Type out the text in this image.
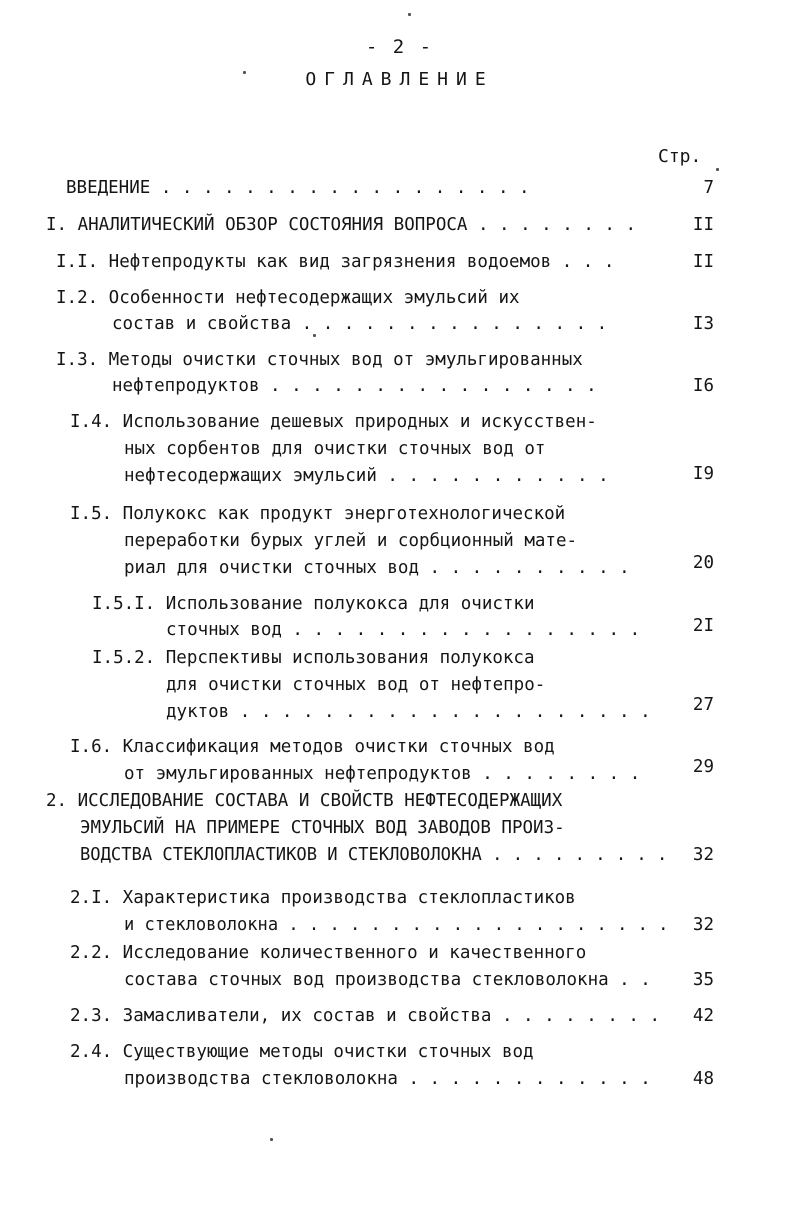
- 2 -
ОГЛАВЛЕНИЕ
Стр.
ВВЕДЕНИЕ . . . . . . . . . . . . . . . . . .	7
I. АНАЛИТИЧЕСКИЙ ОБЗОР СОСТОЯНИЯ ВОПРОСА . . . . . . . .	II
I.I. Нефтепродукты как вид загрязнения водоемов . . .	II
I.2. Особенности нефтесодержащих эмульсий их
состав и свойства . . . . . . . . . . . . . . .	I3
I.3. Методы очистки сточных вод от эмульгированных
нефтепродуктов . . . . . . . . . . . . . . . .	I6
I.4. Использование дешевых природных и искусствен-
ных сорбентов для очистки сточных вод от
нефтесодержащих эмульсий . . . . . . . . . . .	I9
I.5. Полукокс как продукт энерготехнологической
переработки бурых углей и сорбционный мате-
риал для очистки сточных вод . . . . . . . . . .	20
I.5.I. Использование полукокса для очистки
сточных вод . . . . . . . . . . . . . . . . .	2I
I.5.2. Перспективы использования полукокса
для очистки сточных вод от нефтепро-
дуктов . . . . . . . . . . . . . . . . . . . .	27
I.6. Классификация методов очистки сточных вод
от эмульгированных нефтепродуктов . . . . . . . .	29
2. ИССЛЕДОВАНИЕ СОСТАВА И СВОЙСТВ НЕФТЕСОДЕРЖАЩИХ
ЭМУЛЬСИЙ НА ПРИМЕРЕ СТОЧНЫХ ВОД ЗАВОДОВ ПРОИЗ-
ВОДСТВА СТЕКЛОПЛАСТИКОВ И СТЕКЛОВОЛОКНА . . . . . . . . .	32
2.I. Характеристика производства стеклопластиков
и стекловолокна . . . . . . . . . . . . . . . . . . .	32
2.2. Исследование количественного и качественного
состава сточных вод производства стекловолокна . .	35
2.3. Замасливатели, их состав и свойства . . . . . . . .	42
2.4. Существующие методы очистки сточных вод
производства стекловолокна . . . . . . . . . . . .	48
